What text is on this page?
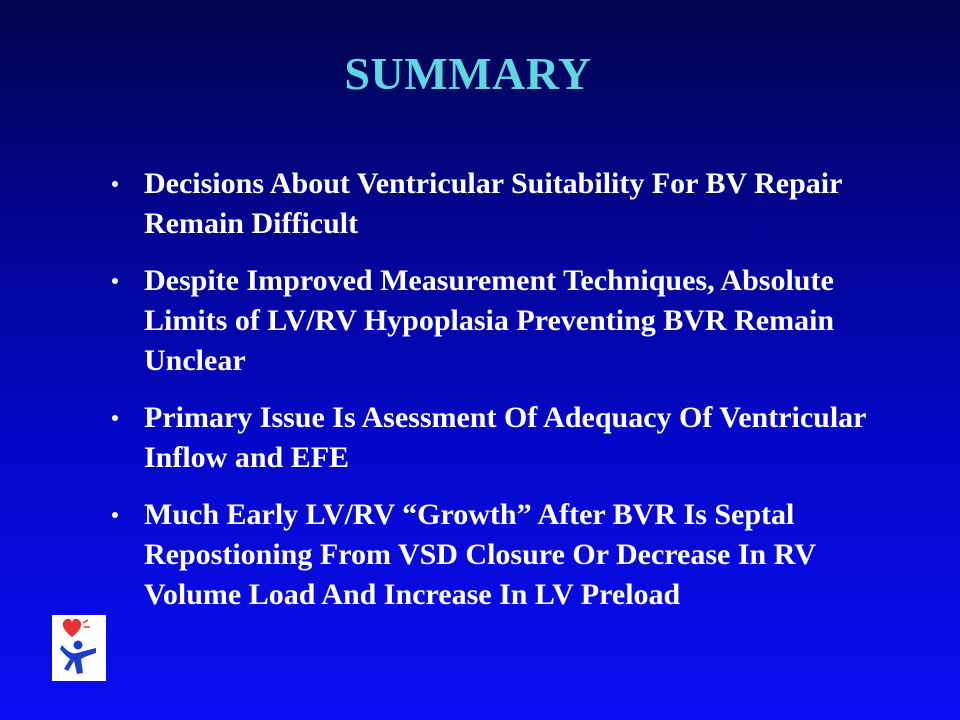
SUMMARY
Decisions About Ventricular Suitability For BV Repair Remain Difficult
Despite Improved Measurement Techniques, Absolute Limits of LV/RV Hypoplasia Preventing BVR Remain Unclear
Primary Issue Is Asessment Of Adequacy Of Ventricular Inflow and EFE
Much Early LV/RV “Growth” After BVR Is Septal Repostioning From VSD Closure Or Decrease In RV Volume Load And Increase In LV Preload
